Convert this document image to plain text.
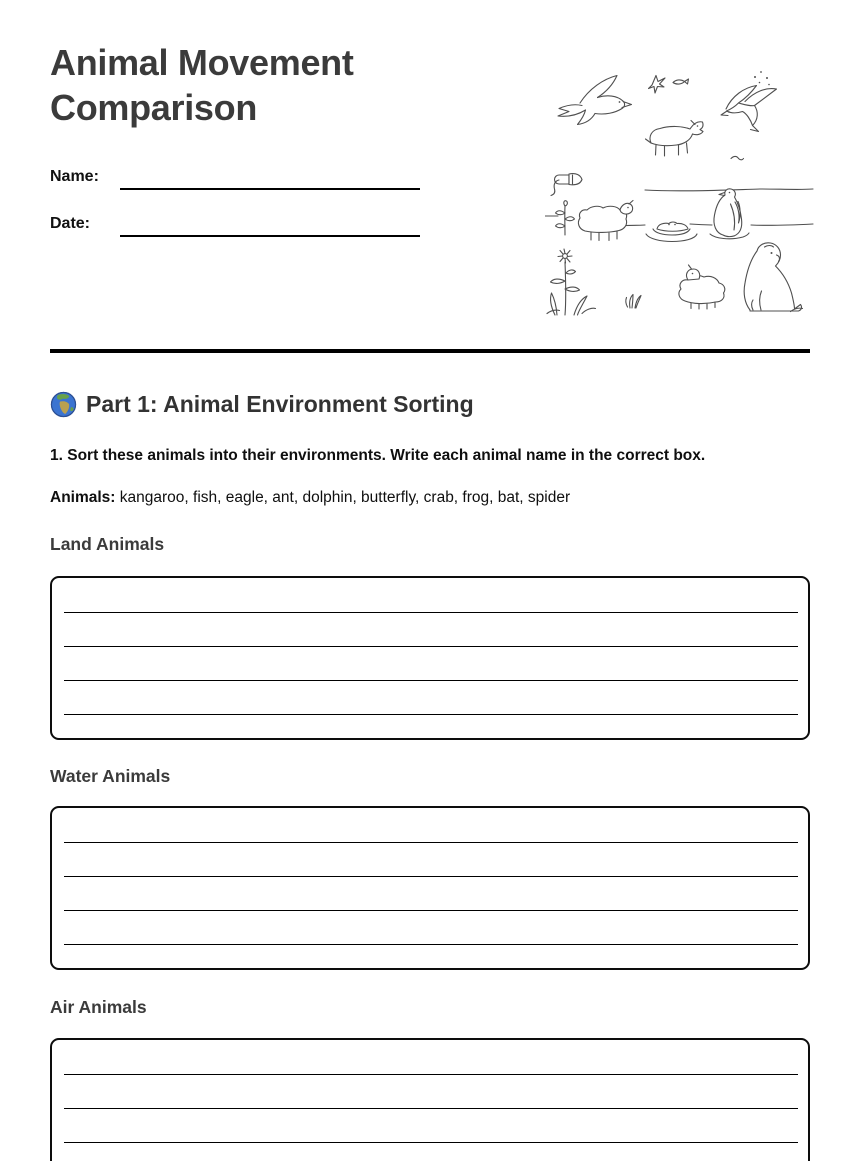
Animal Movement Comparison
Name:
Date:
Part 1: Animal Environment Sorting

1. Sort these animals into their environments. Write each animal name in the correct box.

Animals: kangaroo, fish, eagle, ant, dolphin, butterfly, crab, frog, bat, spider

Land Animals
Water Animals
Air Animals
